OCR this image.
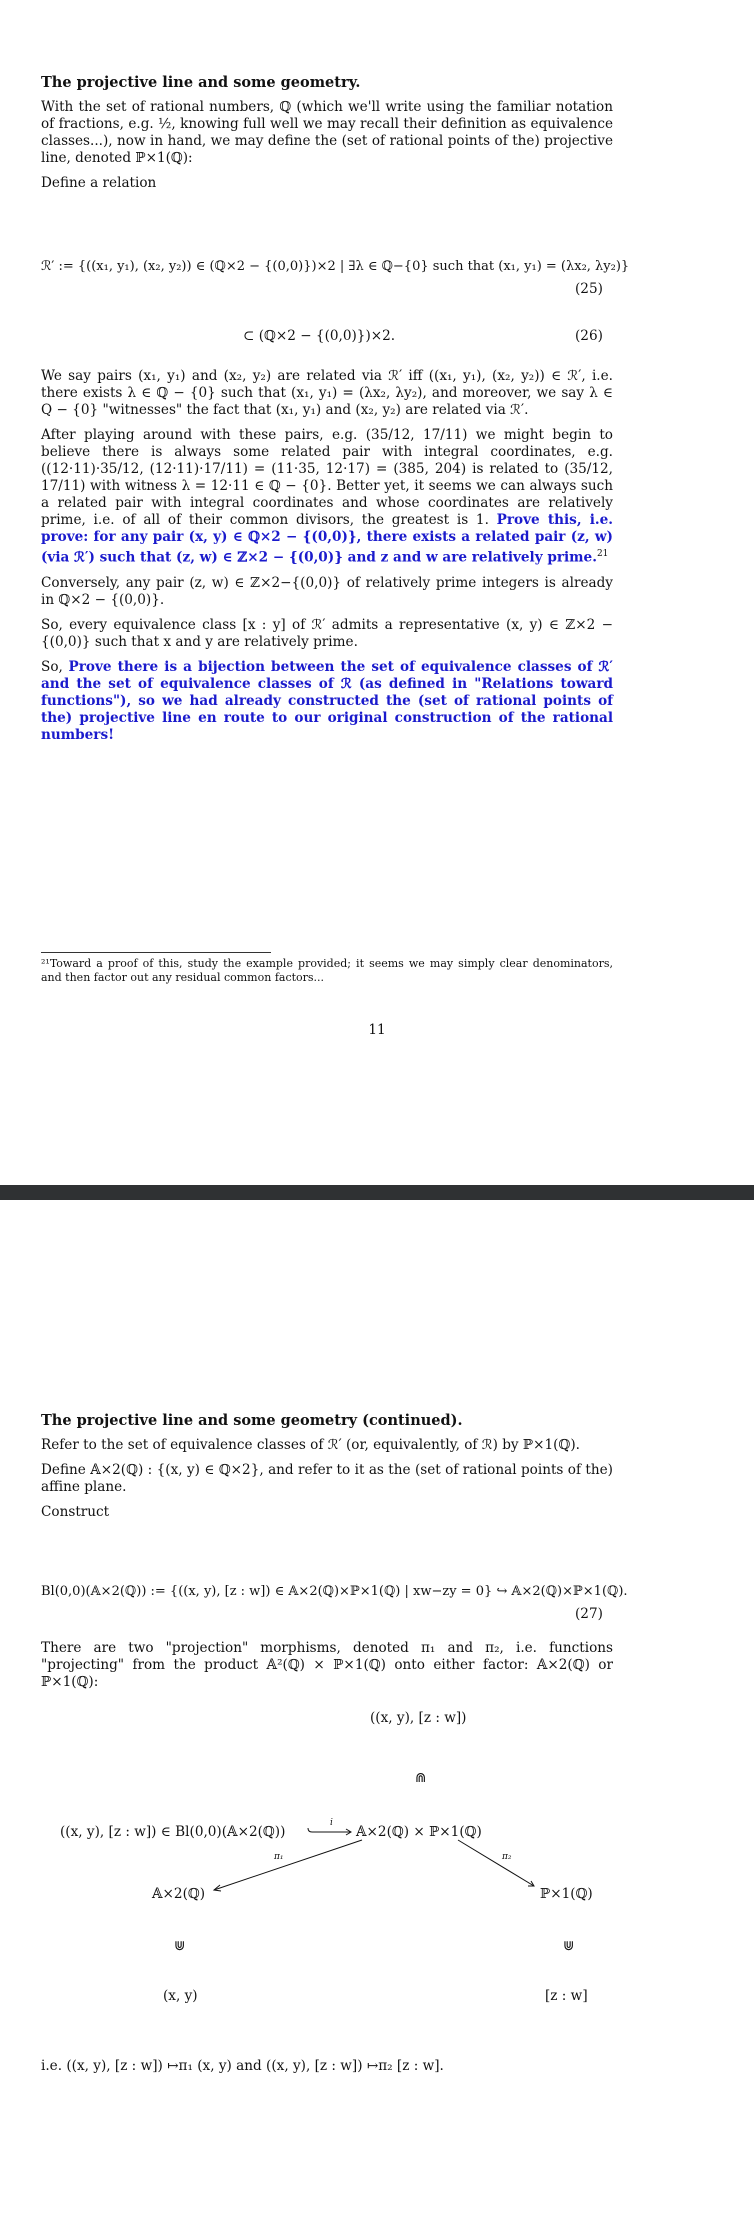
The projective line and some geometry.

With the set of rational numbers, ℚ (which we'll write using the familiar notation of fractions, e.g. ½, knowing full well we may recall their definition as equivalence classes...), now in hand, we may define the (set of rational points of the) projective line, denoted ℙ×1(ℚ):

Define a relation

ℛ′ := {((x₁, y₁), (x₂, y₂)) ∈ (ℚ×2 − {(0,0)})×2 | ∃λ ∈ ℚ−{0} such that (x₁, y₁) = (λx₂, λy₂)}
(25)
⊂ (ℚ×2 − {(0,0)})×2.	(26)

We say pairs (x₁, y₁) and (x₂, y₂) are related via ℛ′ iff ((x₁, y₁), (x₂, y₂)) ∈ ℛ′, i.e. there exists λ ∈ ℚ − {0} such that (x₁, y₁) = (λx₂, λy₂), and moreover, we say λ ∈ Q − {0} "witnesses" the fact that (x₁, y₁) and (x₂, y₂) are related via ℛ′.

After playing around with these pairs, e.g. (35/12, 17/11) we might begin to believe there is always some related pair with integral coordinates, e.g. ((12·11)·35/12, (12·11)·17/11) = (11·35, 12·17) = (385, 204) is related to (35/12, 17/11) with witness λ = 12·11 ∈ ℚ − {0}. Better yet, it seems we can always such a related pair with integral coordinates and whose coordinates are relatively prime, i.e. of all of their common divisors, the greatest is 1. Prove this, i.e. prove: for any pair (x, y) ∈ ℚ×2 − {(0,0)}, there exists a related pair (z, w) (via ℛ′) such that (z, w) ∈ ℤ×2 − {(0,0)} and z and w are relatively prime.$^{21}$

Conversely, any pair (z, w) ∈ ℤ×2−{(0,0)} of relatively prime integers is already in ℚ×2 − {(0,0)}.

So, every equivalence class [x : y] of ℛ′ admits a representative (x, y) ∈ ℤ×2 − {(0,0)} such that x and y are relatively prime.

So, Prove there is a bijection between the set of equivalence classes of ℛ′ and the set of equivalence classes of ℛ (as defined in "Relations toward functions"), so we had already constructed the (set of rational points of the) projective line en route to our original construction of the rational numbers!

²¹Toward a proof of this, study the example provided; it seems we may simply clear denominators, and then factor out any residual common factors...
11
The projective line and some geometry (continued).

Refer to the set of equivalence classes of ℛ′ (or, equivalently, of ℛ) by ℙ×1(ℚ).

Define 𝔸×2(ℚ) : {(x, y) ∈ ℚ×2}, and refer to it as the (set of rational points of the) affine plane.

Construct

Bl(0,0)(𝔸×2(ℚ)) := {((x, y), [z : w]) ∈ 𝔸×2(ℚ)×ℙ×1(ℚ) | xw−zy = 0} ↪ 𝔸×2(ℚ)×ℙ×1(ℚ).
(27)

There are two "projection" morphisms, denoted π₁ and π₂, i.e. functions "projecting" from the product 𝔸²(ℚ) × ℙ×1(ℚ) onto either factor: 𝔸×2(ℚ) or ℙ×1(ℚ):

((x, y), [z : w])
⋒
((x, y), [z : w]) ∈ Bl(0,0)(𝔸×2(ℚ))
i
𝔸×2(ℚ) × ℙ×1(ℚ)
π₁	π₂
𝔸×2(ℚ)	ℙ×1(ℚ)
⋓	⋓
(x, y)	[z : w]

i.e. ((x, y), [z : w]) ↦π₁ (x, y) and ((x, y), [z : w]) ↦π₂ [z : w].
